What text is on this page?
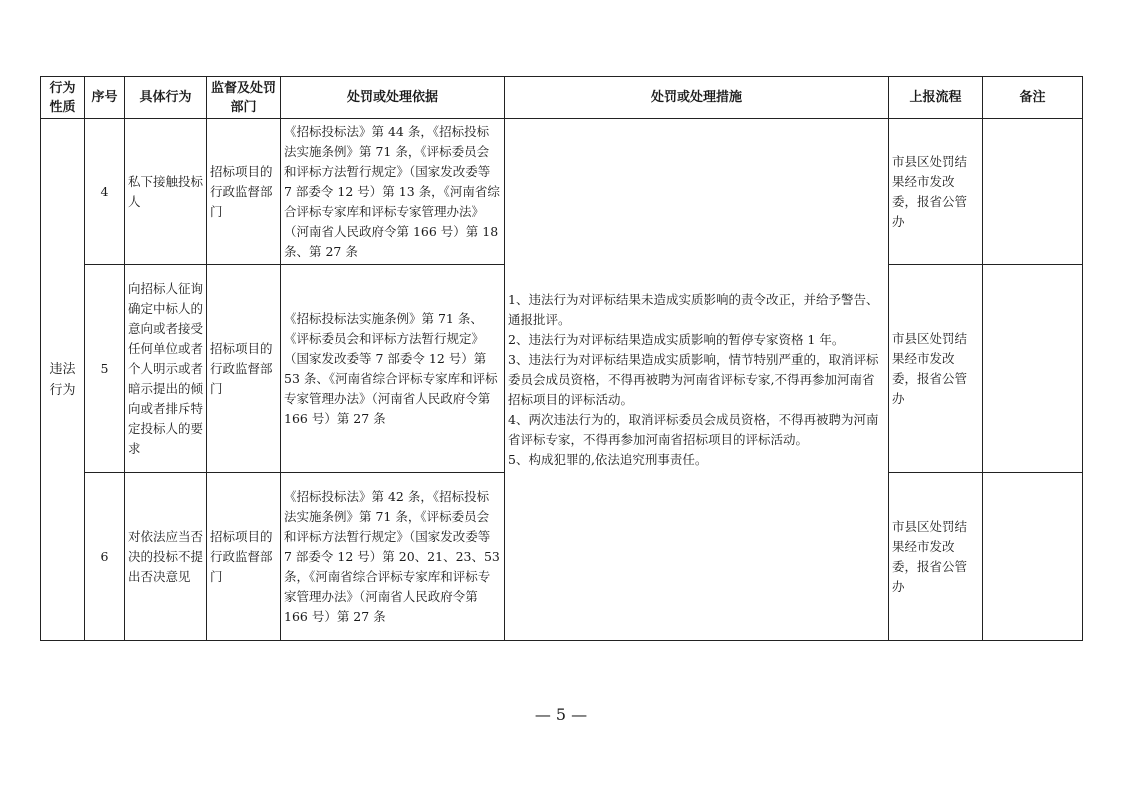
行为性质	序号	具体行为	监督及处罚部门	处罚或处理依据	处罚或处理措施	上报流程	备注
违法行为	4	私下接触投标人	招标项目的行政监督部门	《招标投标法》第 44 条，《招标投标法实施条例》第 71 条，《评标委员会和评标方法暂行规定》（国家发改委等 7 部委令 12 号）第 13 条，《河南省综合评标专家库和评标专家管理办法》（河南省人民政府令第 166 号）第 18 条、第 27 条	1、违法行为对评标结果未造成实质影响的责令改正，并给予警告、通报批评。

2、违法行为对评标结果造成实质影响的暂停专家资格 1 年。

3、违法行为对评标结果造成实质影响，情节特别严重的，取消评标委员会成员资格，不得再被聘为河南省评标专家,不得再参加河南省招标项目的评标活动。

4、两次违法行为的，取消评标委员会成员资格，不得再被聘为河南省评标专家，不得再参加河南省招标项目的评标活动。

5、构成犯罪的,依法追究刑事责任。	市县区处罚结果经市发改委，报省公管办	
	5	向招标人征询确定中标人的意向或者接受任何单位或者个人明示或者暗示提出的倾向或者排斥特定投标人的要求	招标项目的行政监督部门	《招标投标法实施条例》第 71 条、《评标委员会和评标方法暂行规定》（国家发改委等 7 部委令 12 号）第 53 条、《河南省综合评标专家库和评标专家管理办法》（河南省人民政府令第 166 号）第 27 条		市县区处罚结果经市发改委，报省公管办	
	6	对依法应当否决的投标不提出否决意见	招标项目的行政监督部门	《招标投标法》第 42 条，《招标投标法实施条例》第 71 条，《评标委员会和评标方法暂行规定》（国家发改委等 7 部委令 12 号）第 20、21、23、53 条，《河南省综合评标专家库和评标专家管理办法》（河南省人民政府令第 166 号）第 27 条		市县区处罚结果经市发改委，报省公管办	
— 5 —
